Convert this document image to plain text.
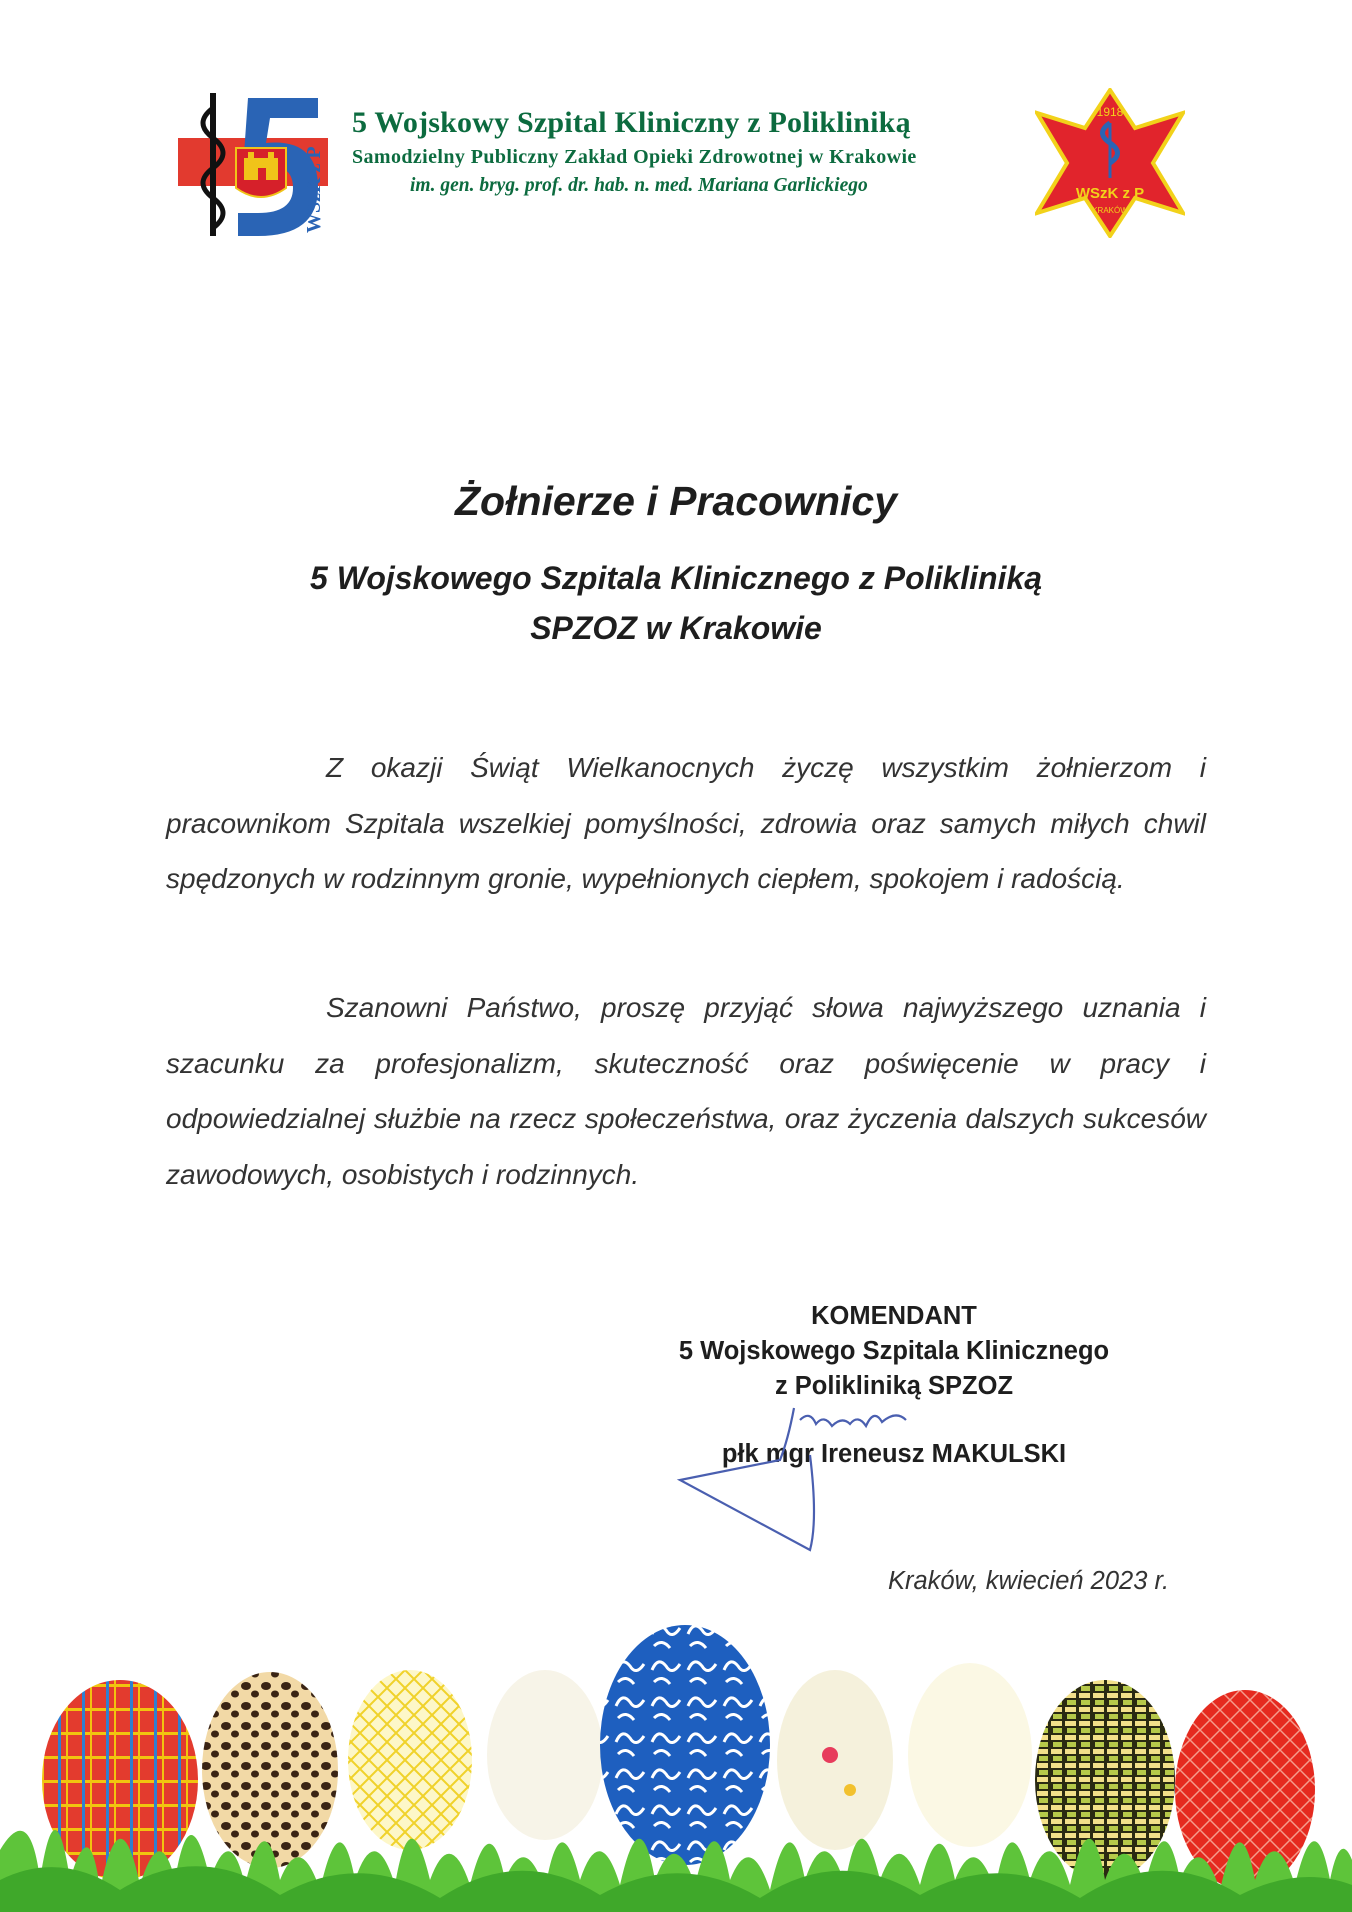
WSzK z P
5 Wojskowy Szpital Kliniczny z Polikliniką
Samodzielny Publiczny Zakład Opieki Zdrowotnej w Krakowie
im. gen. bryg. prof. dr. hab. n. med. Mariana Garlickiego
1918
WSzK z P
KRAKÓW
Żołnierze i Pracownicy
5 Wojskowego Szpitala Klinicznego z Polikliniką
SPZOZ w Krakowie
Z okazji Świąt Wielkanocnych życzę wszystkim żołnierzom i pracownikom Szpitala wszelkiej pomyślności, zdrowia oraz samych miłych chwil spędzonych w rodzinnym gronie, wypełnionych ciepłem, spokojem i radością.
Szanowni Państwo, proszę przyjąć słowa najwyższego uznania i szacunku za profesjonalizm, skuteczność oraz poświęcenie w pracy i odpowiedzialnej służbie na rzecz społeczeństwa, oraz życzenia dalszych sukcesów zawodowych, osobistych i rodzinnych.
KOMENDANT
5 Wojskowego Szpitala Klinicznego
z Polikliniką SPZOZ
płk mgr Ireneusz MAKULSKI
Kraków, kwiecień 2023 r.
